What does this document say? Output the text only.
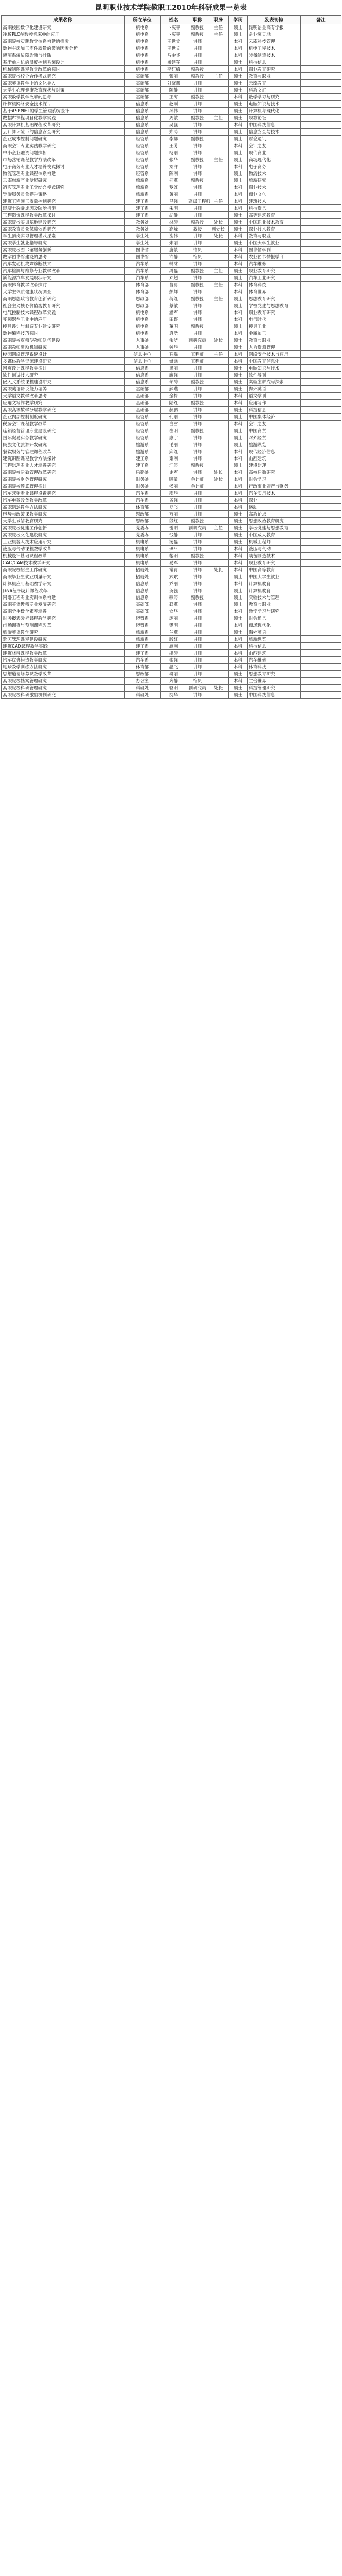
昆明职业技术学院教职工2010年科研成果一览表
成果名称	所在单位	姓名	职称	职务	学历	发表刊物	备注
高职校园数字化建设研究	机电系	卜庆平	副教授	主任	硕士	昆明冶金高专学报	
浅析PLC在数控机床中的应用	机电系	卜庆平	副教授	主任	硕士	企业家天地	
高职院校实践教学体系构建的探索	机电系	王世文	讲师		本科	云南科技管理	
数控车床加工零件质量的影响因素分析	机电系	王世文	讲师		本科	机电工程技术	
液压系统故障诊断与排除	机电系	马金华	讲师		本科	装备制造技术	
基于单片机的温度控制系统设计	机电系	杨建军	讲师		硕士	科技信息	
机械制图课程教学改革的探讨	机电系	李红梅	副教授		本科	职业教育研究	
高职院校校企合作模式研究	基础部	张丽	副教授	主任	硕士	教育与职业	
高职英语教学中的文化导入	基础部	刘晓燕	讲师		硕士	云南教育	
大学生心理健康教育现状与对策	基础部	陈静	讲师		硕士	科教文汇	
高职数学教学改革的思考	基础部	王海	副教授		本科	数学学习与研究	
计算机网络安全技术探讨	信息系	赵刚	讲师		硕士	电脑知识与技术	
基于ASP.NET的学生管理系统设计	信息系	孙伟	讲师		硕士	计算机与现代化	
数据库课程项目化教学实践	信息系	周敏	副教授	主任	硕士	职教论坛	
高职计算机基础课程改革研究	信息系	吴强	讲师		本科	中国科技信息	
云计算环境下的信息安全研究	信息系	郑涛	讲师		硕士	信息安全与技术	
企业成本控制问题研究	经管系	李娜	副教授		硕士	财会通讯	
高职会计专业实践教学研究	经管系	王芳	讲师		本科	会计之友	
中小企业融资问题探析	经管系	杨丽	讲师		硕士	现代商业	
市场营销课程教学方法改革	经管系	张华	副教授	主任	硕士	商场现代化	
电子商务专业人才培养模式探讨	经管系	刘洋	讲师		本科	电子商务	
物流管理专业课程体系构建	经管系	陈刚	讲师		硕士	物流技术	
云南旅游产业发展研究	旅游系	何燕	副教授		硕士	旅游研究	
酒店管理专业工学结合模式研究	旅游系	罗红	讲师		本科	职业技术	
导游服务质量提升策略	旅游系	黄丽	讲师		本科	商业文化	
建筑工程施工质量控制研究	建工系	马强	高级工程师	主任	本科	建筑技术	
混凝土裂缝成因及防治措施	建工系	朱明	讲师		本科	科技资讯	
工程造价课程教学改革探讨	建工系	胡静	讲师		硕士	高等建筑教育	
高职院校实训基地建设研究	教务处	林涛	副教授	处长	硕士	中国职业技术教育	
高职教育质量保障体系研究	教务处	高峰	教授	副处长	硕士	职业技术教育	
学生顶岗实习管理模式探索	学生处	谢伟	讲师	处长	本科	教育与职业	
高职学生就业指导研究	学生处	宋丽	讲师		硕士	中国大学生就业	
高职院校图书馆服务创新	图书馆	唐敏	馆员		本科	图书馆学刊	
数字图书馆建设的思考	图书馆	许静	馆员		本科	农业图书情报学刊	
汽车发动机故障诊断技术	汽车系	韩冰	讲师		本科	汽车维修	
汽车检测与维修专业教学改革	汽车系	冯磊	副教授	主任	硕士	职业教育研究	
新能源汽车发展现状研究	汽车系	邓超	讲师		硕士	汽车工业研究	
高职体育教学改革探讨	体育部	曹勇	副教授	主任	本科	体育科技	
大学生体质健康状况调查	体育部	彭辉	讲师		本科	体育世界	
高职思想政治教育创新研究	思政部	蒋红	副教授	主任	硕士	思想教育研究	
社会主义核心价值观教育研究	思政部	蔡敏	讲师		硕士	学校党建与思想教育	
电气控制技术课程改革实践	机电系	潘军	讲师		本科	职业教育研究	
变频器在工业中的应用	机电系	田野	讲师		本科	电气时代	
模具设计与制造专业建设研究	机电系	董明	副教授		硕士	模具工业	
数控编程技巧探讨	机电系	袁浩	讲师		本科	金属加工	
高职院校双师型教师队伍建设	人事处	余洁	副研究员	处长	硕士	教育与职业	
高职教师激励机制研究	人事处	钟华	讲师		硕士	人力资源管理	
校园网络管理系统设计	信息中心	石磊	工程师	主任	本科	网络安全技术与应用	
多媒体教学资源建设研究	信息中心	姚远	工程师		本科	中国教育信息化	
网页设计课程教学探讨	信息系	谭丽	讲师		硕士	电脑知识与技术	
软件测试技术研究	信息系	廖强	讲师		硕士	软件导刊	
嵌入式系统课程建设研究	信息系	邹涛	副教授		硕士	实验室研究与探索	
高职英语听说能力培养	基础部	熊燕	讲师		硕士	海外英语	
大学语文教学改革思考	基础部	金梅	讲师		本科	语文学刊	
应用文写作教学研究	基础部	陆红	副教授		本科	应用写作	
高职高等数学分层教学研究	基础部	郝鹏	讲师		硕士	科技信息	
企业内部控制制度研究	经管系	孔丽	讲师		硕士	中国集体经济	
税务会计课程教学改革	经管系	白雪	讲师		本科	会计之友	
连锁经营管理专业建设研究	经管系	崔明	副教授		硕士	中国商贸	
国际贸易实务教学研究	经管系	康宁	讲师		硕士	对外经贸	
民族文化旅游开发研究	旅游系	毛丽	讲师		硕士	旅游纵览	
餐饮服务与管理课程改革	旅游系	邱红	讲师		本科	现代经济信息	
建筑识图课程教学方法探讨	建工系	秦刚	讲师		本科	山西建筑	
工程监理专业人才培养研究	建工系	江涛	副教授		硕士	建设监理	
高职院校后勤管理改革研究	后勤处	史军	讲师	处长	本科	高校后勤研究	
高职院校财务管理研究	财务处	顾敏	会计师	处长	本科	财会学习	
高职院校预算管理探讨	财务处	侯丽	会计师		本科	行政事业资产与财务	
汽车营销专业课程设置研究	汽车系	邵华	讲师		本科	汽车实用技术	
汽车电器设备教学改革	汽车系	孟强	讲师		本科	职业	
高职篮球教学方法研究	体育部	龙飞	讲师		本科	运动	
形势与政策课教学研究	思政部	万丽	讲师		硕士	高教论坛	
大学生诚信教育研究	思政部	段红	副教授		硕士	思想政治教育研究	
高职院校党建工作创新	党委办	雷明	副研究员	主任	硕士	学校党建与思想教育	
高职院校文化建设研究	党委办	钱静	讲师		硕士	中国成人教育	
工业机器人技术应用研究	机电系	汤磊	讲师		硕士	机械工程师	
液压与气动课程教学改革	机电系	尹平	讲师		本科	液压与气动	
机械设计基础课程改革	机电系	黎明	副教授		本科	装备制造技术	
CAD/CAM技术教学研究	机电系	易军	讲师		本科	职业教育研究	
高职院校招生工作研究	招就处	常青	讲师	处长	本科	中国高等教育	
高职毕业生就业质量研究	招就处	武斌	讲师		硕士	中国大学生就业	
计算机应用基础教学研究	信息系	乔丽	讲师		本科	计算机教育	
Java程序设计课程改革	信息系	贺强	讲师		硕士	计算机教育	
网络工程专业实训体系构建	信息系	赖涛	副教授		硕士	实验技术与管理	
高职英语教师专业发展研究	基础部	龚燕	讲师		硕士	教育与职业	
高职学生数学素养培养	基础部	文华	讲师		本科	数学学习与研究	
财务报表分析课程教学研究	经管系	庞丽	讲师		硕士	财会通讯	
市场调查与预测课程改革	经管系	樊明	讲师		本科	商场现代化	
旅游英语教学研究	旅游系	兰燕	讲师		硕士	海外英语	
景区管理课程建设研究	旅游系	殷红	讲师		本科	旅游纵览	
建筑CAD课程教学实践	建工系	施刚	讲师		本科	科技信息	
建筑材料课程教学改革	建工系	洪涛	讲师		本科	山西建筑	
汽车底盘构造教学研究	汽车系	翟强	讲师		本科	汽车维修	
足球教学训练方法研究	体育部	温飞	讲师		本科	体育科技	
思想道德修养课教学改革	思政部	柳丽	讲师		硕士	思想教育研究	
高职院校档案管理研究	办公室	齐静	馆员		本科	兰台世界	
高职院校科研管理研究	科研处	骆明	副研究员	处长	硕士	科技管理研究	
高职院校科研激励机制研究	科研处	沈华	讲师		硕士	中国科技信息	
